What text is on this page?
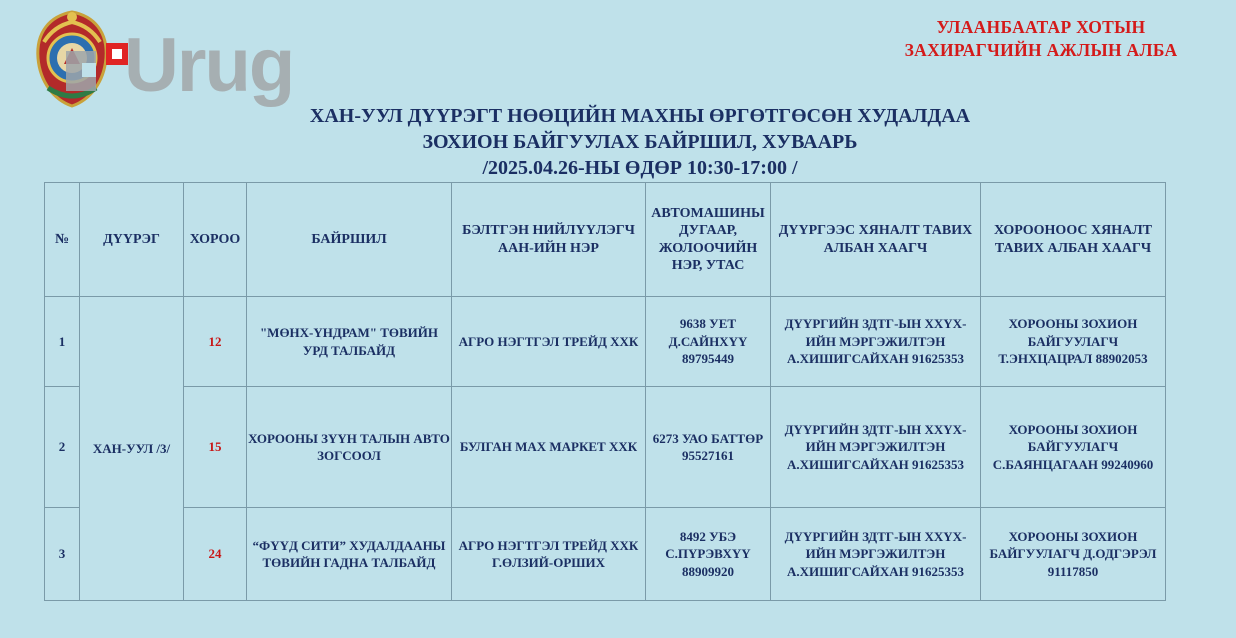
Urug	УЛААНБААТАР ХОТЫН
ЗАХИРАГЧИЙН АЖЛЫН АЛБА
ХАН-УУЛ ДҮҮРЭГТ НӨӨЦИЙН МАХНЫ ӨРГӨТГӨСӨН ХУДАЛДАА
ЗОХИОН БАЙГУУЛАХ БАЙРШИЛ, ХУВААРЬ
/2025.04.26-НЫ ӨДӨР 10:30-17:00 /
№	ДҮҮРЭГ	ХОРОО	БАЙРШИЛ	БЭЛТГЭН НИЙЛҮҮЛЭГЧ ААН-ИЙН НЭР	АВТОМАШИНЫ ДУГААР, ЖОЛООЧИЙН НЭР, УТАС	ДҮҮРГЭЭС ХЯНАЛТ ТАВИХ АЛБАН ХААГЧ	ХОРООНООС ХЯНАЛТ ТАВИХ АЛБАН ХААГЧ
1	ХАН-УУЛ /3/	12	"МӨНХ-ҮНДРАМ" ТӨВИЙН УРД ТАЛБАЙД	АГРО НЭГТГЭЛ ТРЕЙД ХХК	9638 УЕТ Д.САЙНХҮҮ 89795449	ДҮҮРГИЙН ЗДТГ-ЫН ХХҮХ-ИЙН МЭРГЭЖИЛТЭН А.ХИШИГСАЙХАН 91625353	ХОРООНЫ ЗОХИОН БАЙГУУЛАГЧ Т.ЭНХЦАЦРАЛ 88902053
2		15	ХОРООНЫ ЗҮҮН ТАЛЫН АВТО ЗОГСООЛ	БУЛГАН МАХ МАРКЕТ ХХК	6273 УАО БАТТӨР 95527161	ДҮҮРГИЙН ЗДТГ-ЫН ХХҮХ-ИЙН МЭРГЭЖИЛТЭН А.ХИШИГСАЙХАН 91625353	ХОРООНЫ ЗОХИОН БАЙГУУЛАГЧ С.БАЯНЦАГААН 99240960
3		24	“ФҮҮД СИТИ” ХУДАЛДААНЫ ТӨВИЙН ГАДНА ТАЛБАЙД	АГРО НЭГТГЭЛ ТРЕЙД ХХК Г.ӨЛЗИЙ-ОРШИХ	8492 УБЭ С.ПҮРЭВХҮҮ 88909920	ДҮҮРГИЙН ЗДТГ-ЫН ХХҮХ-ИЙН МЭРГЭЖИЛТЭН А.ХИШИГСАЙХАН 91625353	ХОРООНЫ ЗОХИОН БАЙГУУЛАГЧ Д.ОДГЭРЭЛ 91117850
